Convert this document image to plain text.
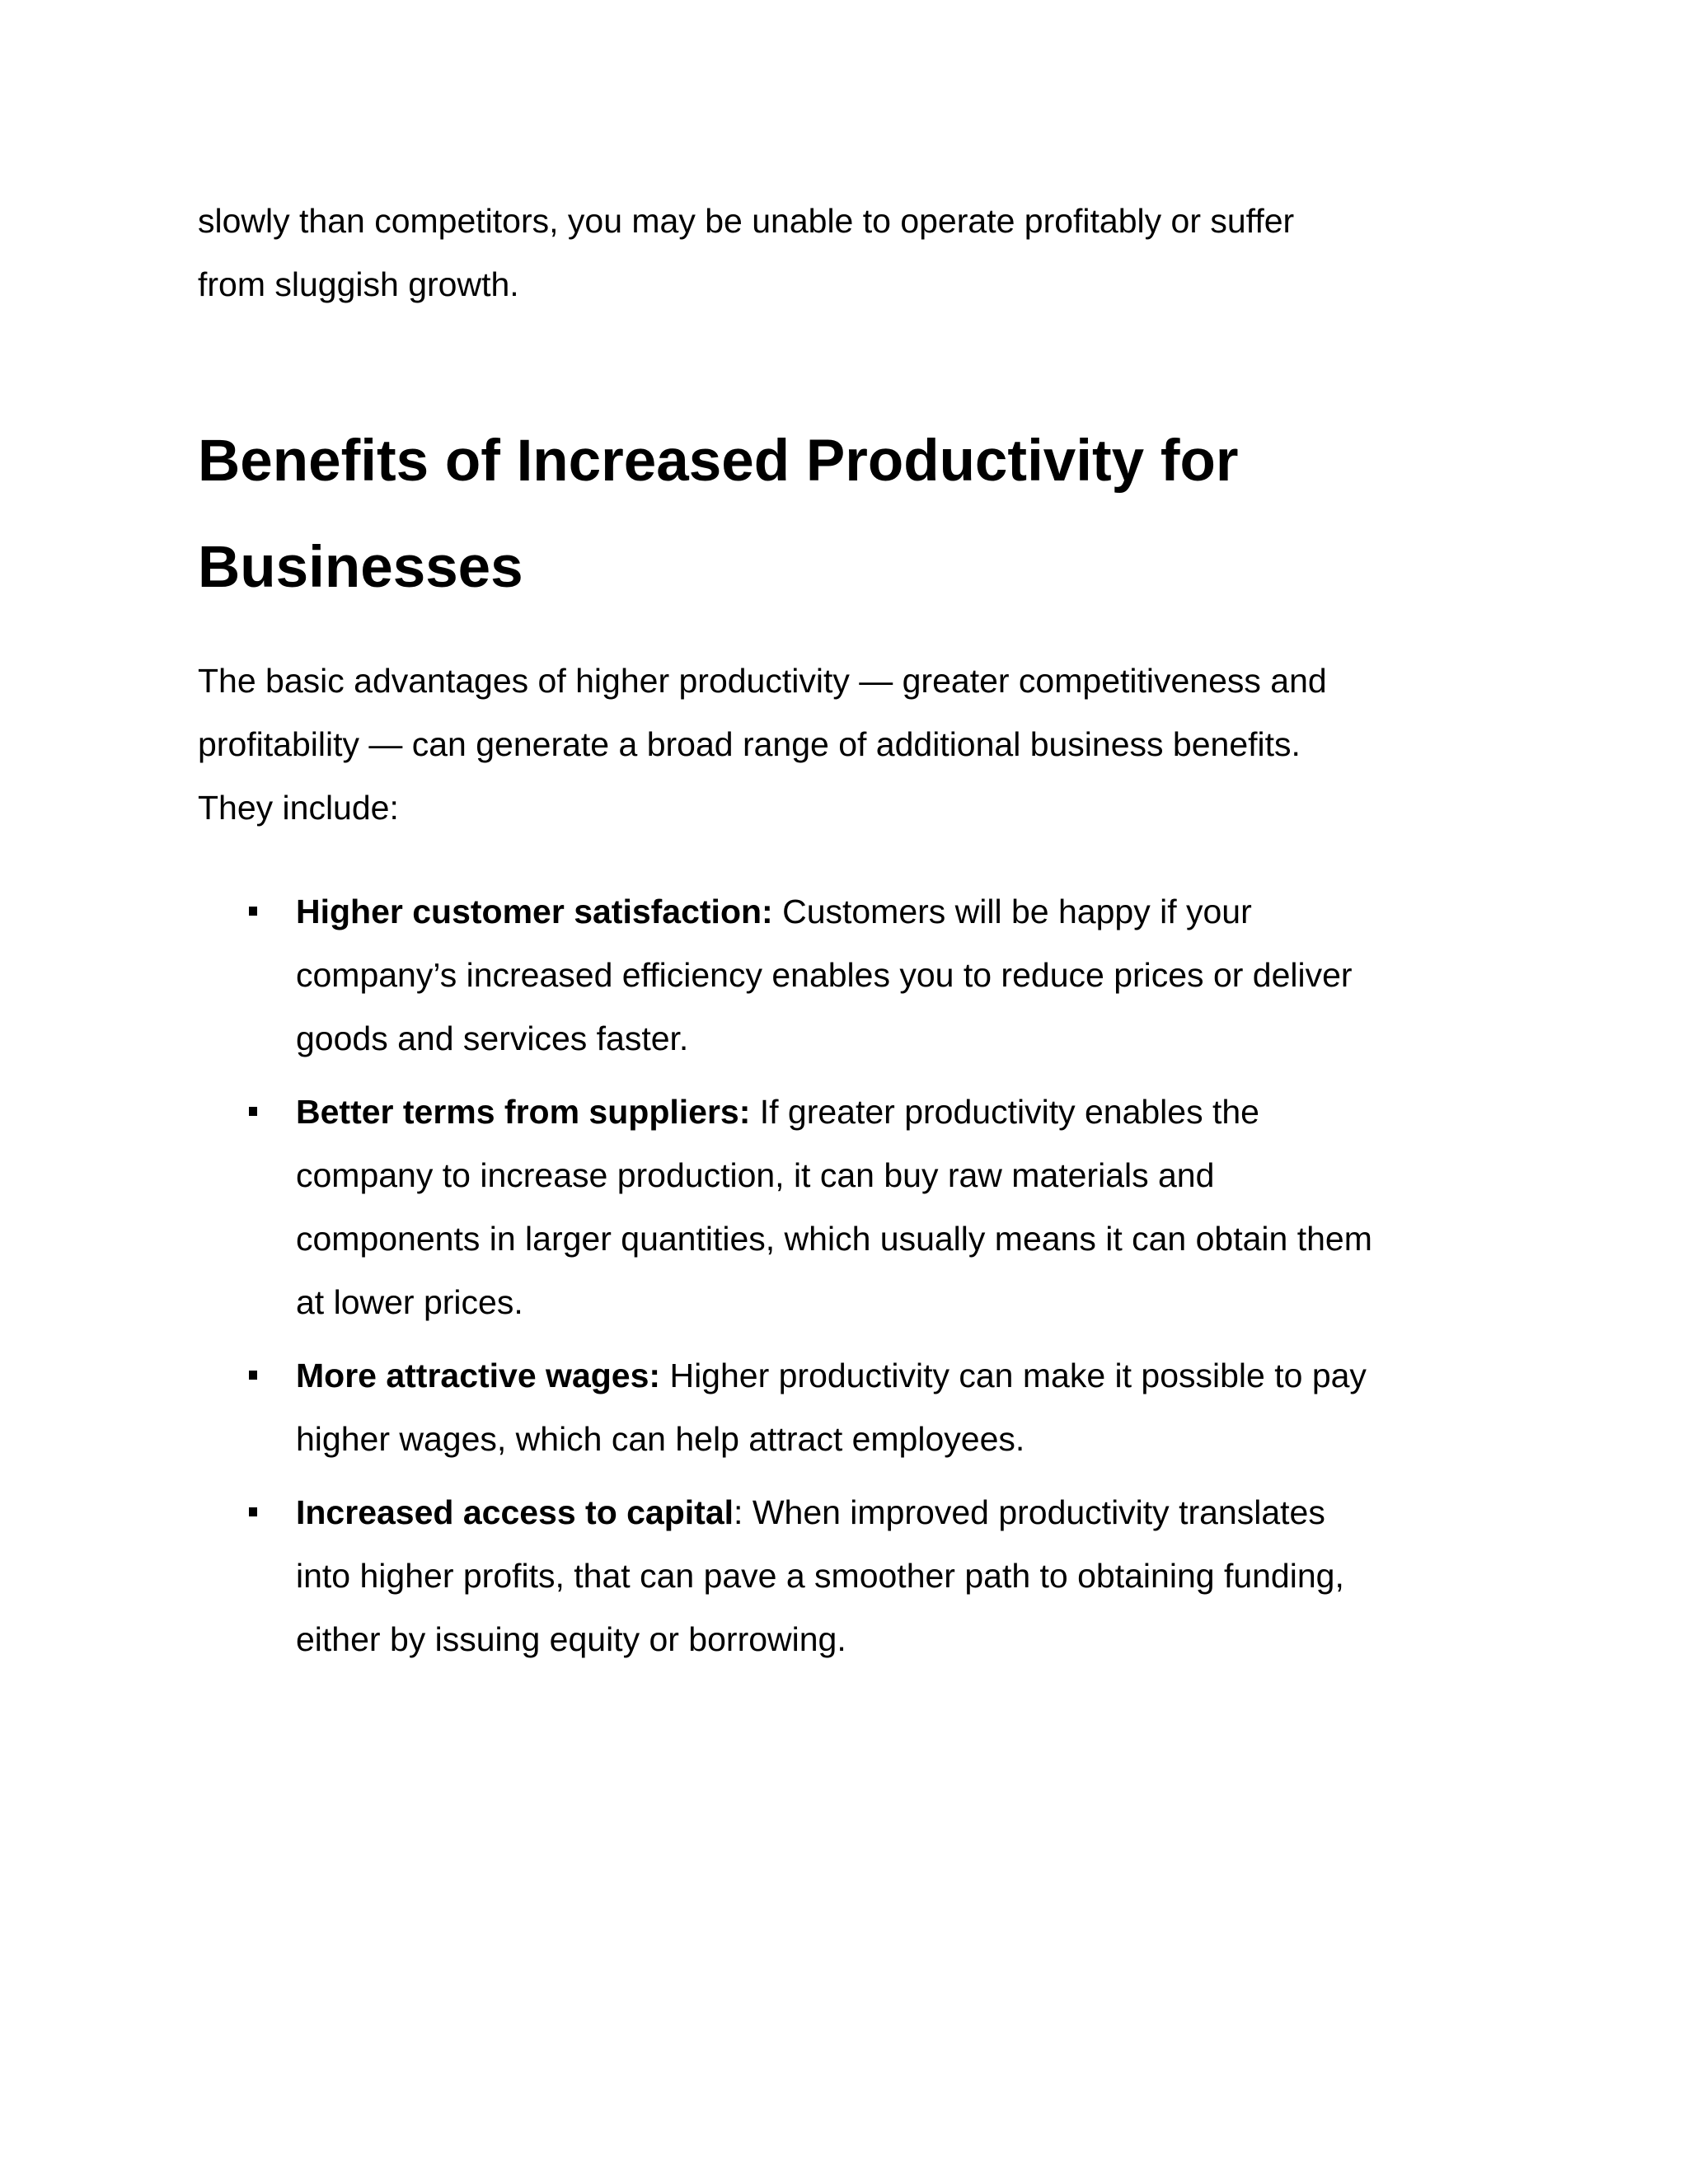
slowly than competitors, you may be unable to operate profitably or suffer
from sluggish growth.

Benefits of Increased Productivity for
Businesses

The basic advantages of higher productivity — greater competitiveness and
profitability — can generate a broad range of additional business benefits.
They include:

Higher customer satisfaction: Customers will be happy if your
company’s increased efficiency enables you to reduce prices or deliver
goods and services faster.
Better terms from suppliers: If greater productivity enables the
company to increase production, it can buy raw materials and
components in larger quantities, which usually means it can obtain them
at lower prices.
More attractive wages: Higher productivity can make it possible to pay
higher wages, which can help attract employees.
Increased access to capital: When improved productivity translates
into higher profits, that can pave a smoother path to obtaining funding,
either by issuing equity or borrowing.
